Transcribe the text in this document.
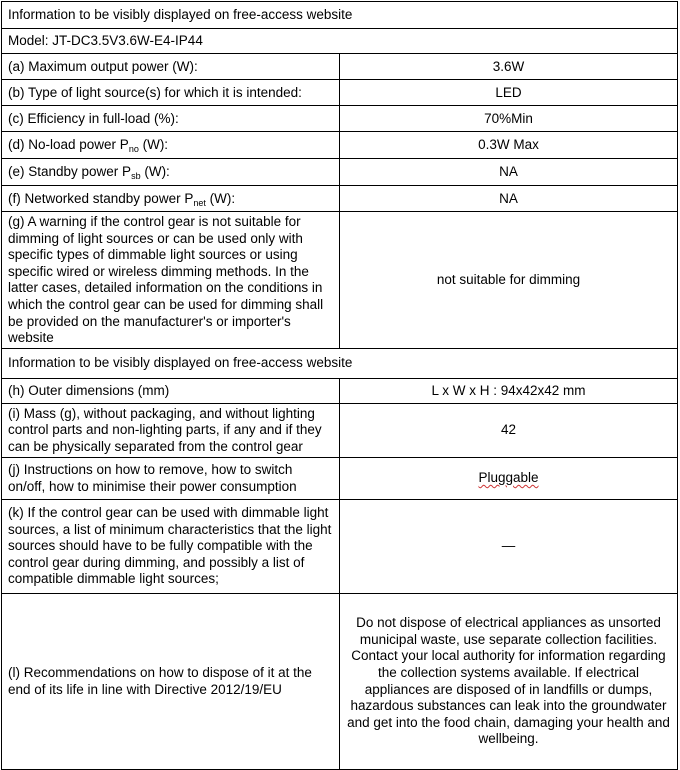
Information to be visibly displayed on free-access website	
Model: JT-DC3.5V3.6W-E4-IP44	
(a) Maximum output power (W):	3.6W
(b) Type of light source(s) for which it is intended:	LED
(c) Efficiency in full-load (%):	70%Min
(d) No-load power $P_{no}$ (W):	0.3W Max
(e) Standby power $P_{sb}$ (W):	NA
(f) Networked standby power $P_{net}$ (W):	NA
(g) A warning if the control gear is not suitable for dimming of light sources or can be used only with specific types of dimmable light sources or using specific wired or wireless dimming methods. In the latter cases, detailed information on the conditions in which the control gear can be used for dimming shall be provided on the manufacturer's or importer's website	not suitable for dimming
Information to be visibly displayed on free-access website	
(h) Outer dimensions (mm)	L x W x H : 94x42x42 mm
(i) Mass (g), without packaging, and without lighting control parts and non-lighting parts, if any and if they can be physically separated from the control gear	42
(j) Instructions on how to remove, how to switch on/off, how to minimise their power consumption	Pluggable
(k) If the control gear can be used with dimmable light sources, a list of minimum characteristics that the light sources should have to be fully compatible with the control gear during dimming, and possibly a list of compatible dimmable light sources;	—
(l) Recommendations on how to dispose of it at the end of its life in line with Directive 2012/19/EU	Do not dispose of electrical appliances as unsorted municipal waste, use separate collection facilities. Contact your local authority for information regarding the collection systems available. If electrical appliances are disposed of in landfills or dumps, hazardous substances can leak into the groundwater and get into the food chain, damaging your health and wellbeing.
